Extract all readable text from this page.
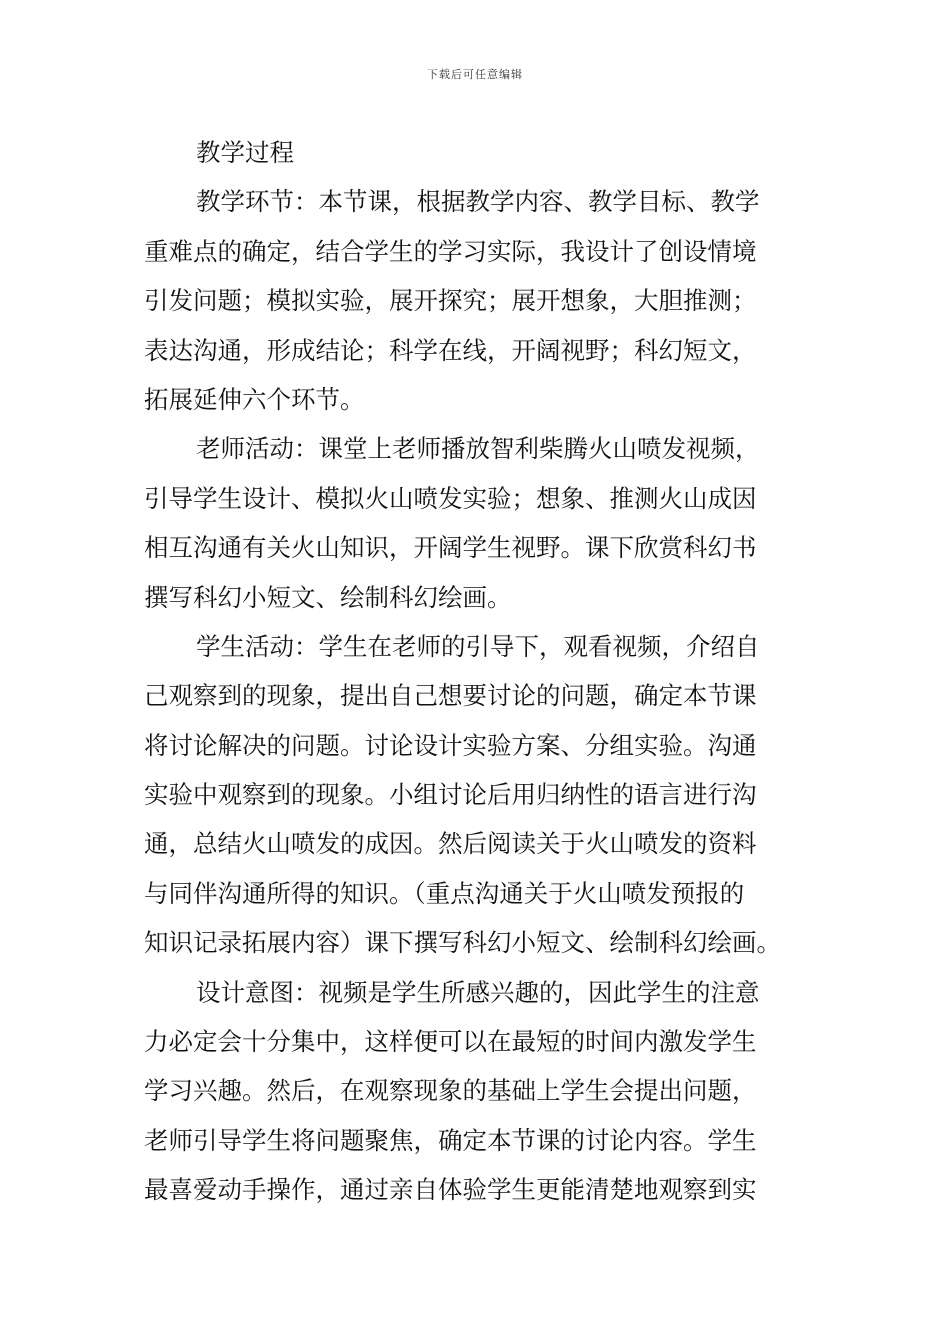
下载后可任意编辑
教学过程
教学环节：本节课，根据教学内容、教学目标、教学
重难点的确定，结合学生的学习实际，我设计了创设情境
引发问题；模拟实验，展开探究；展开想象，大胆推测；
表达沟通，形成结论；科学在线，开阔视野；科幻短文，
拓展延伸六个环节。
老师活动：课堂上老师播放智利柴腾火山喷发视频，
引导学生设计、模拟火山喷发实验；想象、推测火山成因
相互沟通有关火山知识，开阔学生视野。课下欣赏科幻书
撰写科幻小短文、绘制科幻绘画。
学生活动：学生在老师的引导下，观看视频，介绍自
己观察到的现象，提出自己想要讨论的问题，确定本节课
将讨论解决的问题。讨论设计实验方案、分组实验。沟通
实验中观察到的现象。小组讨论后用归纳性的语言进行沟
通，总结火山喷发的成因。然后阅读关于火山喷发的资料
与同伴沟通所得的知识。（重点沟通关于火山喷发预报的
知识记录拓展内容）课下撰写科幻小短文、绘制科幻绘画。
设计意图：视频是学生所感兴趣的，因此学生的注意
力必定会十分集中，这样便可以在最短的时间内激发学生
学习兴趣。然后，在观察现象的基础上学生会提出问题，
老师引导学生将问题聚焦，确定本节课的讨论内容。学生
最喜爱动手操作，通过亲自体验学生更能清楚地观察到实
